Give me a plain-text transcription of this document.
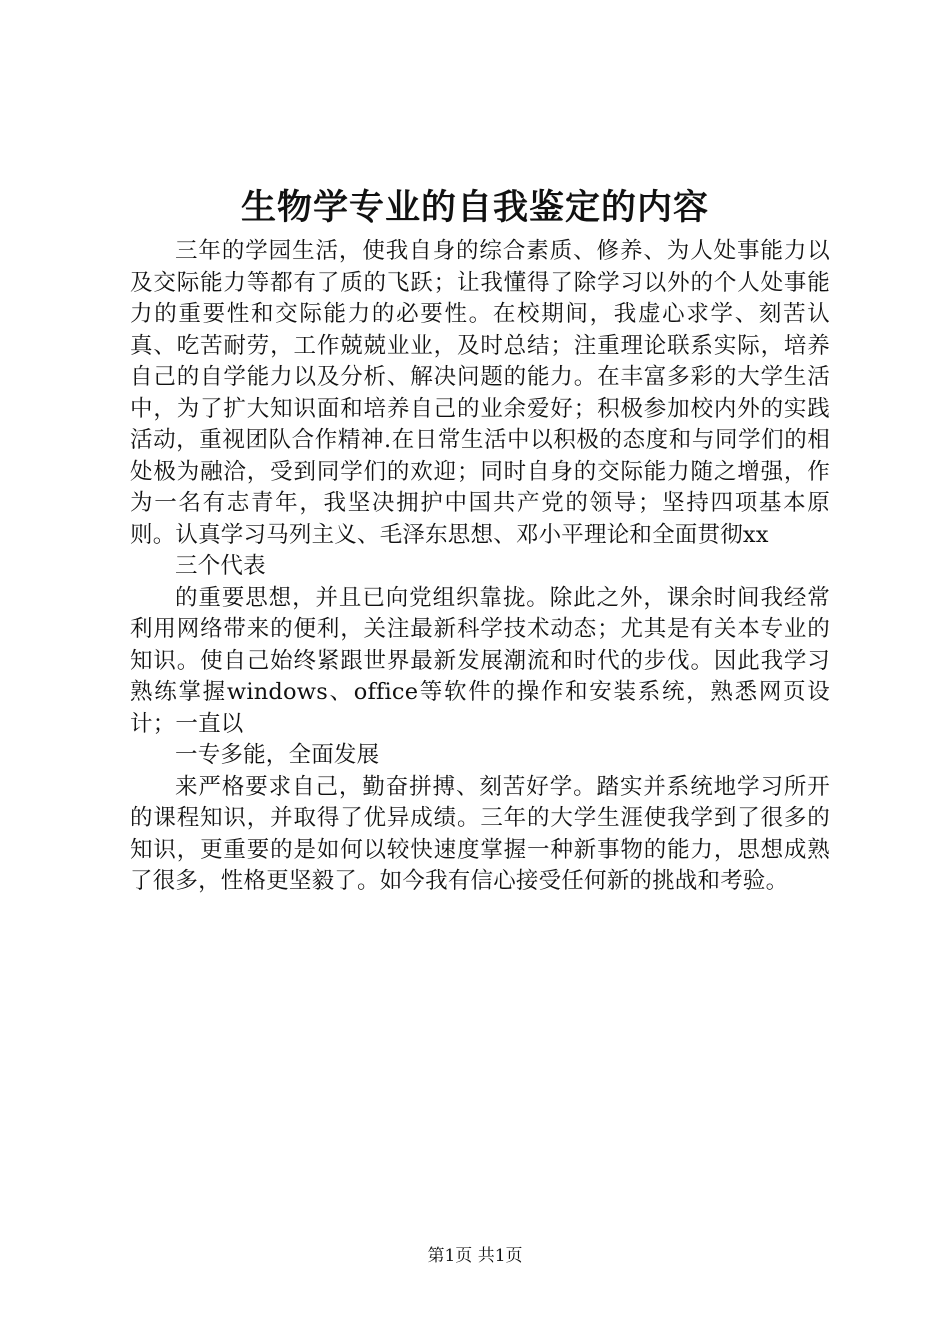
生物学专业的自我鉴定的内容

三年的学园生活，使我自身的综合素质、修养、为人处事能力以及交际能力等都有了质的飞跃；让我懂得了除学习以外的个人处事能力的重要性和交际能力的必要性。在校期间，我虚心求学、刻苦认真、吃苦耐劳，工作兢兢业业，及时总结；注重理论联系实际，培养自己的自学能力以及分析、解决问题的能力。在丰富多彩的大学生活中，为了扩大知识面和培养自己的业余爱好；积极参加校内外的实践活动，重视团队合作精神.在日常生活中以积极的态度和与同学们的相处极为融洽，受到同学们的欢迎；同时自身的交际能力随之增强，作为一名有志青年，我坚决拥护中国共产党的领导；坚持四项基本原则。认真学习马列主义、毛泽东思想、邓小平理论和全面贯彻xx

三个代表

的重要思想，并且已向党组织靠拢。除此之外，课余时间我经常利用网络带来的便利，关注最新科学技术动态；尤其是有关本专业的知识。使自己始终紧跟世界最新发展潮流和时代的步伐。因此我学习熟练掌握windows、office等软件的操作和安装系统，熟悉网页设计；一直以

一专多能，全面发展

来严格要求自己，勤奋拼搏、刻苦好学。踏实并系统地学习所开的课程知识，并取得了优异成绩。三年的大学生涯使我学到了很多的知识，更重要的是如何以较快速度掌握一种新事物的能力，思想成熟了很多，性格更坚毅了。如今我有信心接受任何新的挑战和考验。

第1页 共1页
